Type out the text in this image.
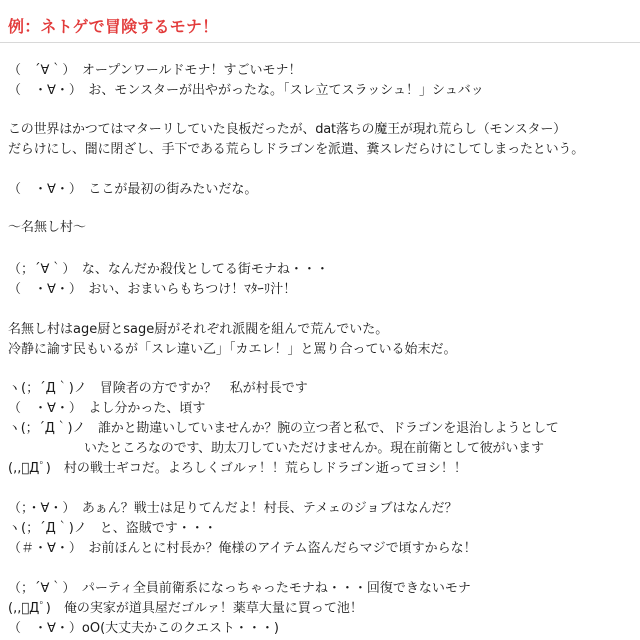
例：ネトゲで冒険するモナ！
（　´∀｀）　オープンワールドモナ！すごいモナ！
（　・∀・）　お、モンスターが出やがったな。「スレ立てスラッシュ！」シュバッ
この世界はかつてはマターリしていた良板だったが、dat落ちの魔王が現れ荒らし（モンスター）
だらけにし、闇に閉ざし、手下である荒らしドラゴンを派遣、糞スレだらけにしてしまったという。
（　・∀・）　ここが最初の街みたいだな。
〜名無し村〜
（；´∀｀）　な、なんだか殺伐としてる街モナね・・・
（　・∀・）　おい、おまいらもちつけ！ﾏﾀｰﾘ汁！
名無し村はage厨とsage厨がそれぞれ派閥を組んで荒んでいた。
冷静に諭す民もいるが「スレ違い乙」「カエレ！」と罵り合っている始末だ。
ヽ(；´Д｀)ノ　冒険者の方ですか？　私が村長です
（　・∀・）　よし分かった、頃す
ヽ(；´Д｀)ノ　誰かと勘違いしていませんか？腕の立つ者と私で、ドラゴンを退治しようとして
いたところなのです、助太刀していただけませんか。現在前衛として彼がいます
(,,ﾟДﾟ)　村の戦士ギコだ。よろしくゴルァ！！荒らしドラゴン逝ってヨシ！！
（；・∀・）　あぁん？戦士は足りてんだよ！村長、テメェのジョブはなんだ？
ヽ(；´Д｀)ノ　と、盗賊です・・・
（＃・∀・）　お前ほんとに村長か？俺様のアイテム盗んだらマジで頃すからな！
（；´∀｀）　パーティ全員前衛系になっちゃったモナね・・・回復できないモナ
(,,ﾟДﾟ)　俺の実家が道具屋だゴルァ！薬草大量に買って池！
（　・∀・）oO(大丈夫かこのクエスト・・・)
